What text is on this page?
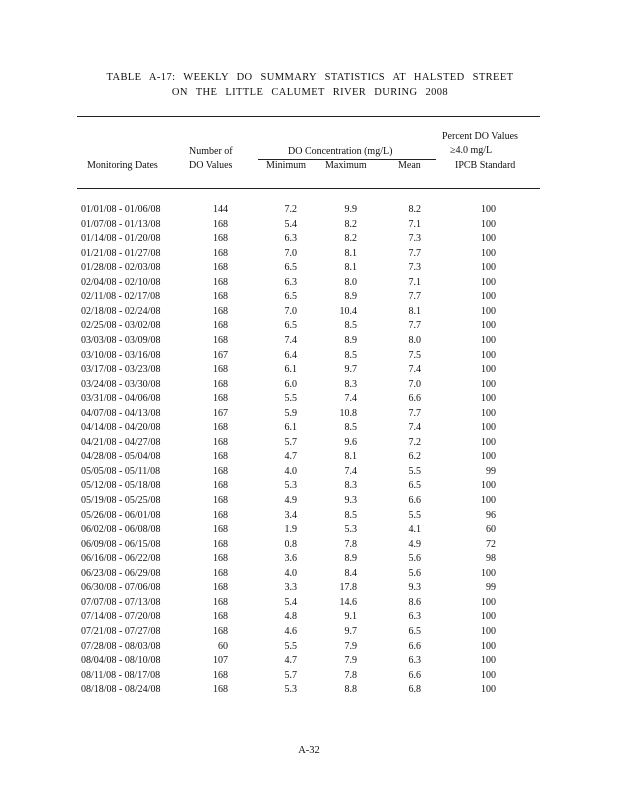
TABLE A-17: WEEKLY DO SUMMARY STATISTICS AT HALSTED STREET
ON THE LITTLE CALUMET RIVER DURING 2008
Percent DO Values
Number of	DO Concentration (mg/L)	≥4.0 mg/L
Monitoring Dates	DO Values	Minimum Maximum	Mean	IPCB Standard
01/01/08 - 01/06/08	144	7.2	9.9	8.2	100
01/07/08 - 01/13/08	168	5.4	8.2	7.1	100
01/14/08 - 01/20/08	168	6.3	8.2	7.3	100
01/21/08 - 01/27/08	168	7.0	8.1	7.7	100
01/28/08 - 02/03/08	168	6.5	8.1	7.3	100
02/04/08 - 02/10/08	168	6.3	8.0	7.1	100
02/11/08 - 02/17/08	168	6.5	8.9	7.7	100
02/18/08 - 02/24/08	168	7.0	10.4	8.1	100
02/25/08 - 03/02/08	168	6.5	8.5	7.7	100
03/03/08 - 03/09/08	168	7.4	8.9	8.0	100
03/10/08 - 03/16/08	167	6.4	8.5	7.5	100
03/17/08 - 03/23/08	168	6.1	9.7	7.4	100
03/24/08 - 03/30/08	168	6.0	8.3	7.0	100
03/31/08 - 04/06/08	168	5.5	7.4	6.6	100
04/07/08 - 04/13/08	167	5.9	10.8	7.7	100
04/14/08 - 04/20/08	168	6.1	8.5	7.4	100
04/21/08 - 04/27/08	168	5.7	9.6	7.2	100
04/28/08 - 05/04/08	168	4.7	8.1	6.2	100
05/05/08 - 05/11/08	168	4.0	7.4	5.5	99
05/12/08 - 05/18/08	168	5.3	8.3	6.5	100
05/19/08 - 05/25/08	168	4.9	9.3	6.6	100
05/26/08 - 06/01/08	168	3.4	8.5	5.5	96
06/02/08 - 06/08/08	168	1.9	5.3	4.1	60
06/09/08 - 06/15/08	168	0.8	7.8	4.9	72
06/16/08 - 06/22/08	168	3.6	8.9	5.6	98
06/23/08 - 06/29/08	168	4.0	8.4	5.6	100
06/30/08 - 07/06/08	168	3.3	17.8	9.3	99
07/07/08 - 07/13/08	168	5.4	14.6	8.6	100
07/14/08 - 07/20/08	168	4.8	9.1	6.3	100
07/21/08 - 07/27/08	168	4.6	9.7	6.5	100
07/28/08 - 08/03/08	60	5.5	7.9	6.6	100
08/04/08 - 08/10/08	107	4.7	7.9	6.3	100
08/11/08 - 08/17/08	168	5.7	7.8	6.6	100
08/18/08 - 08/24/08	168	5.3	8.8	6.8	100
A-32
